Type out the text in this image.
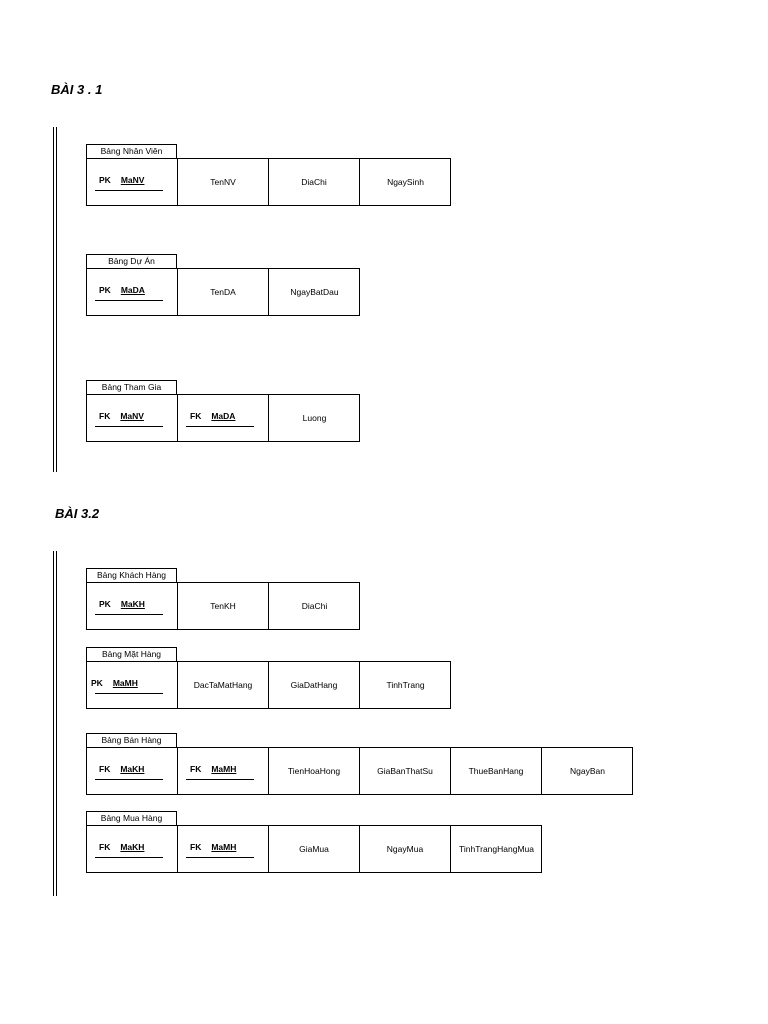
BÀI 3 . 1
BÀI 3.2
Bảng Nhân Viên
PK MaNV	TenNV	DiaChi	NgaySinh
Bảng Dự Án
PK MaDA	TenDA	NgayBatDau
Bảng Tham Gia
FK MaNV	FK MaDA	Luong
Bảng Khách Hàng
PK MaKH	TenKH	DiaChi
Bảng Mặt Hàng
PK MaMH	DacTaMatHang	GiaDatHang	TinhTrang
Bảng Bán Hàng
FK MaKH	FK MaMH	TienHoaHong	GiaBanThatSu	ThueBanHang	NgayBan
Bảng Mua Hàng
FK MaKH	FK MaMH	GiaMua	NgayMua	TinhTrangHangMua
